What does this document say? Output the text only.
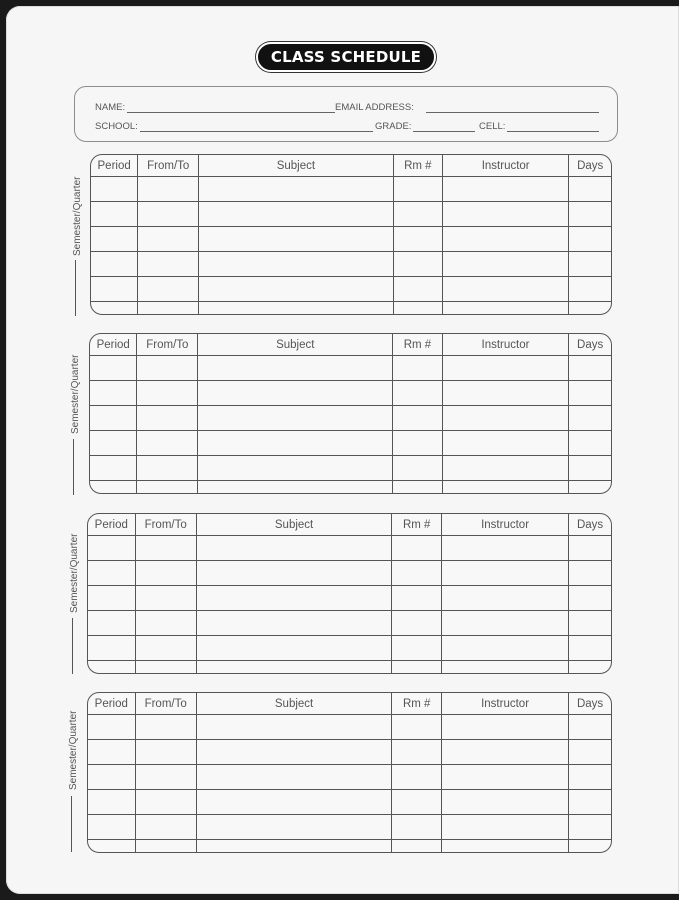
CLASS SCHEDULE
NAME:	EMAIL ADDRESS:
SCHOOL:	GRADE:	CELL:
Semester/Quarter
Semester/Quarter
Semester/Quarter
Semester/Quarter
Period	From/To	Subject	Rm #	Instructor	Days

Period	From/To	Subject	Rm #	Instructor	Days

Period	From/To	Subject	Rm #	Instructor	Days

Period	From/To	Subject	Rm #	Instructor	Days
